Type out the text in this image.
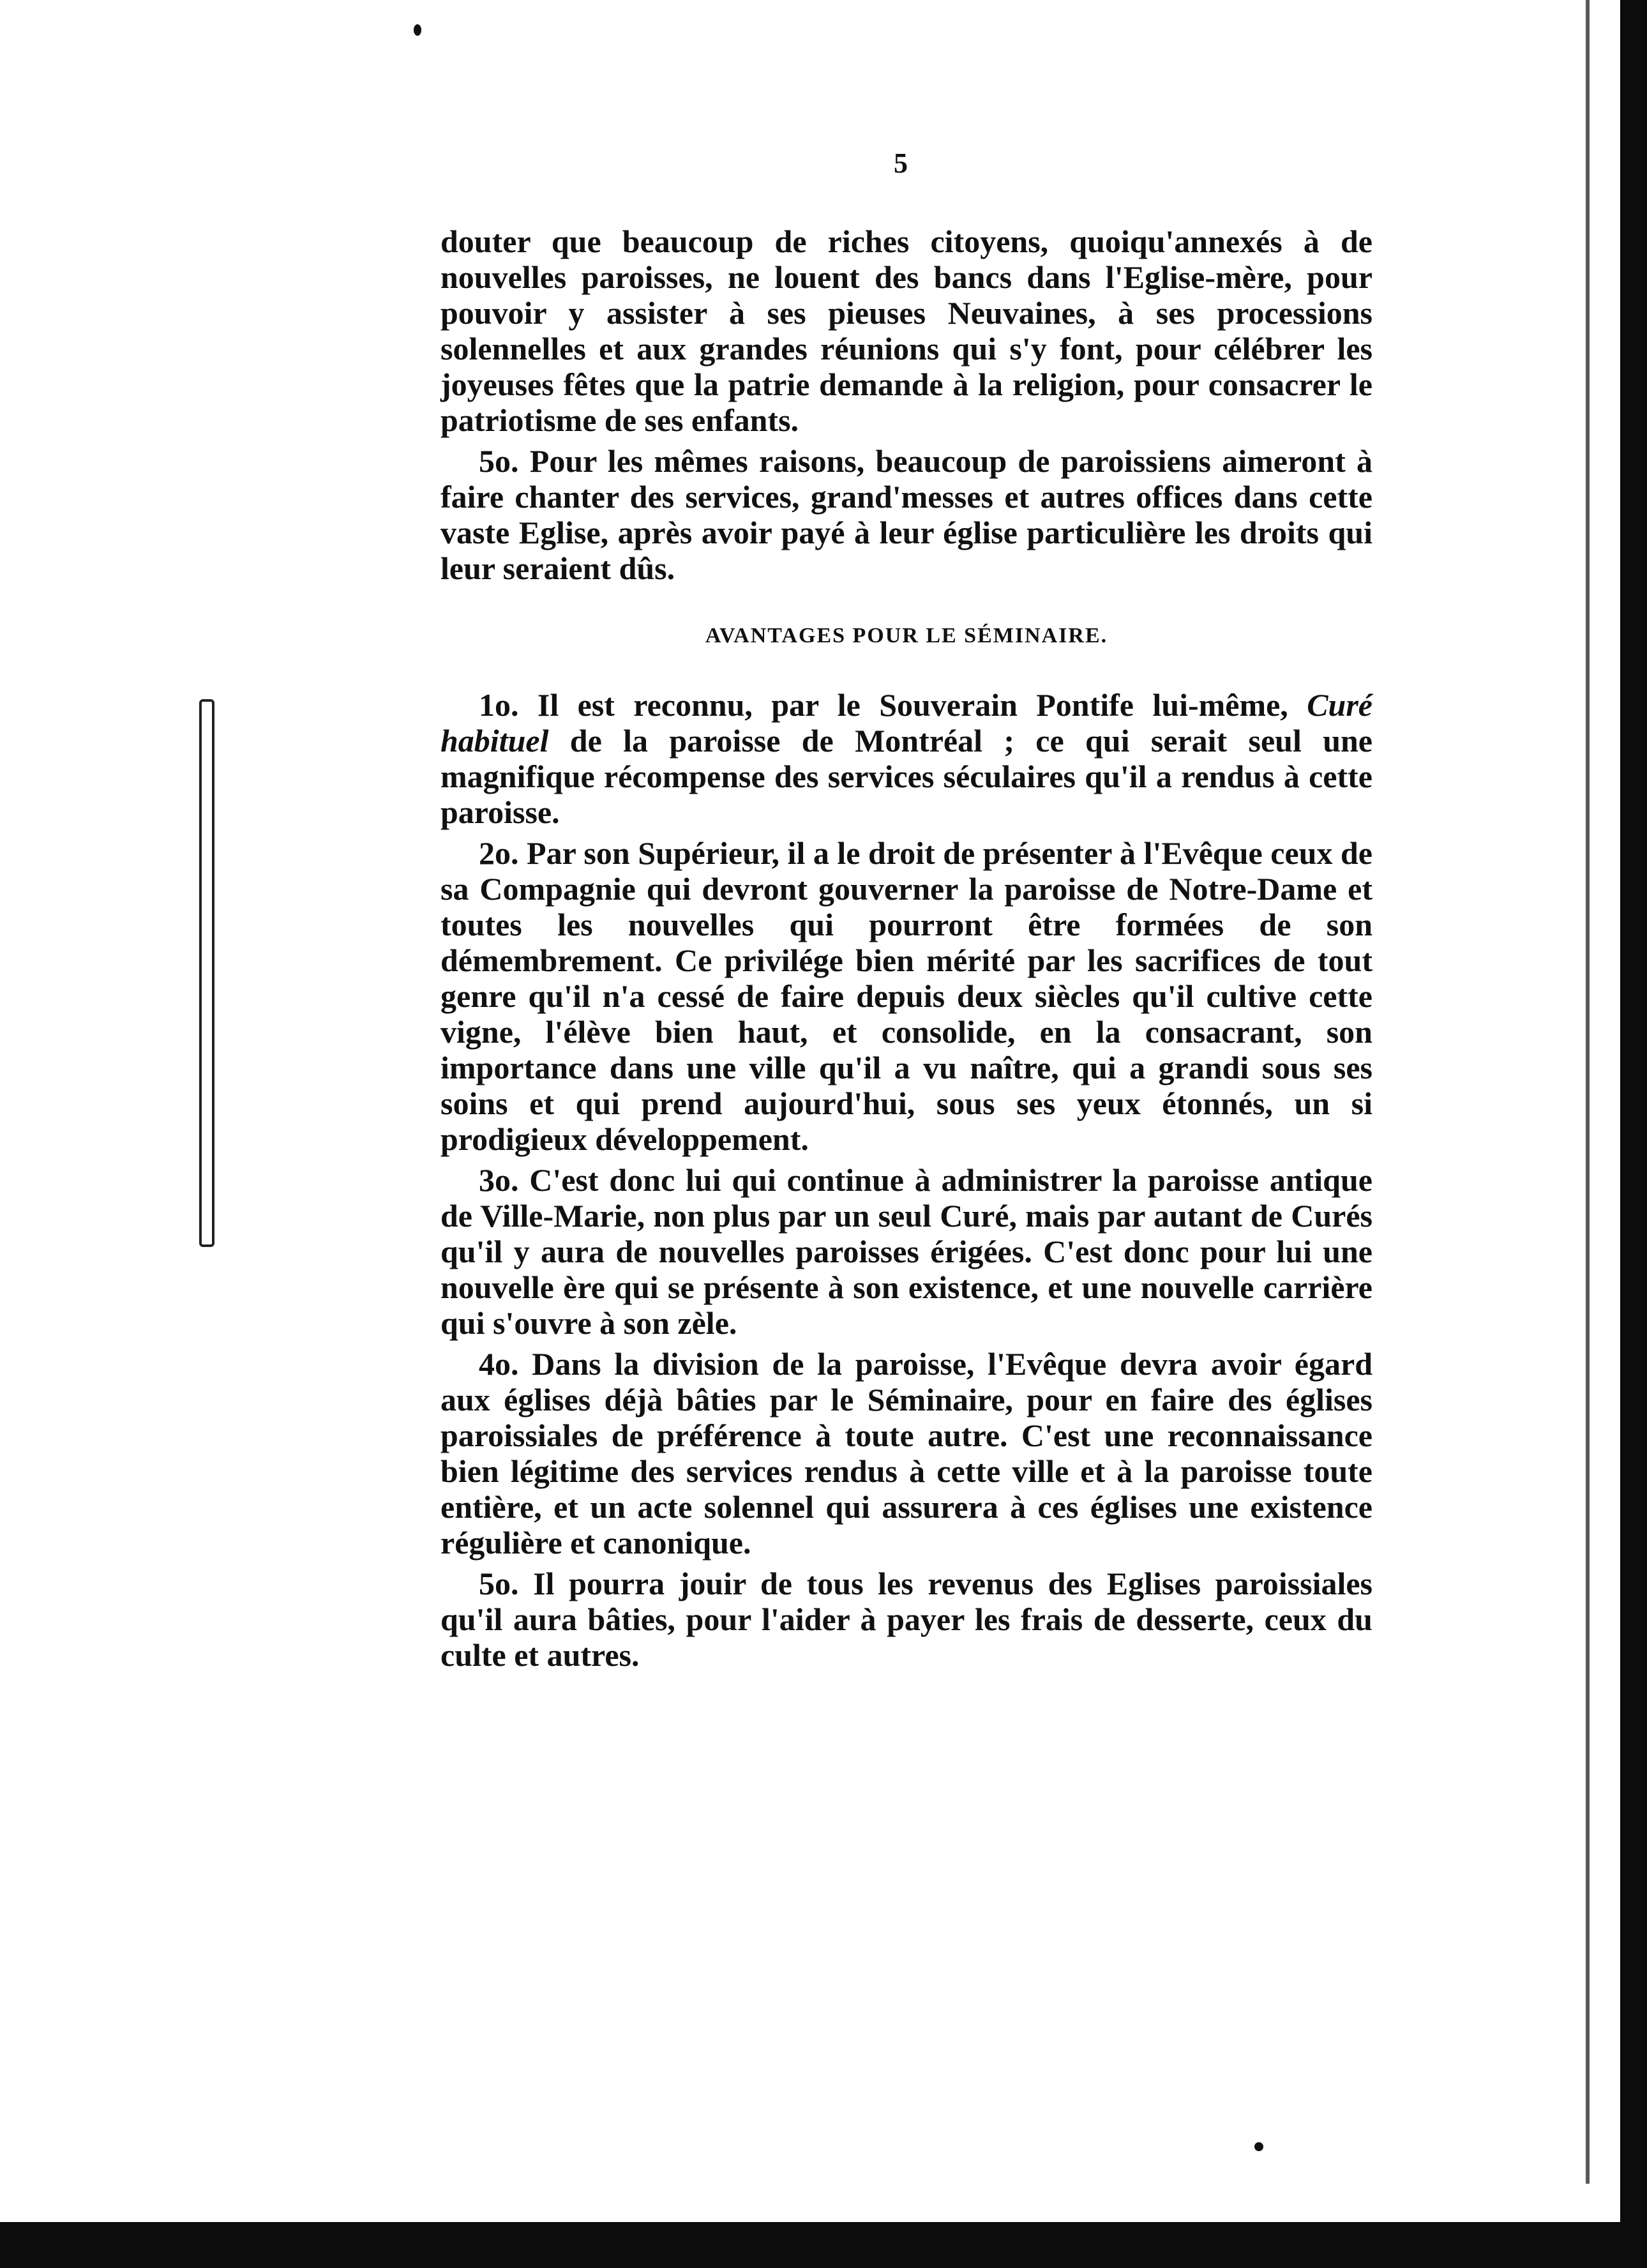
5

douter que beaucoup de riches citoyens, quoiqu'annexés à de nouvelles paroisses, ne louent des bancs dans l'Eglise-mère, pour pouvoir y assister à ses pieuses Neuvaines, à ses processions solennelles et aux grandes réunions qui s'y font, pour célébrer les joyeuses fêtes que la patrie demande à la religion, pour consacrer le patriotisme de ses enfants.

5o. Pour les mêmes raisons, beaucoup de paroissiens aimeront à faire chanter des services, grand'messes et autres offices dans cette vaste Eglise, après avoir payé à leur église particulière les droits qui leur seraient dûs.

AVANTAGES POUR LE SÉMINAIRE.

1o. Il est reconnu, par le Souverain Pontife lui-même, Curé habituel de la paroisse de Montréal ; ce qui serait seul une magnifique récompense des services séculaires qu'il a rendus à cette paroisse.

2o. Par son Supérieur, il a le droit de présenter à l'Evêque ceux de sa Compagnie qui devront gouverner la paroisse de Notre-Dame et toutes les nouvelles qui pourront être formées de son démembrement. Ce privilége bien mérité par les sacrifices de tout genre qu'il n'a cessé de faire depuis deux siècles qu'il cultive cette vigne, l'élève bien haut, et consolide, en la consacrant, son importance dans une ville qu'il a vu naître, qui a grandi sous ses soins et qui prend aujourd'hui, sous ses yeux étonnés, un si prodigieux développement.

3o. C'est donc lui qui continue à administrer la paroisse antique de Ville-Marie, non plus par un seul Curé, mais par autant de Curés qu'il y aura de nouvelles paroisses érigées. C'est donc pour lui une nouvelle ère qui se présente à son existence, et une nouvelle carrière qui s'ouvre à son zèle.

4o. Dans la division de la paroisse, l'Evêque devra avoir égard aux églises déjà bâties par le Séminaire, pour en faire des églises paroissiales de préférence à toute autre. C'est une reconnaissance bien légitime des services rendus à cette ville et à la paroisse toute entière, et un acte solennel qui assurera à ces églises une existence régulière et canonique.

5o. Il pourra jouir de tous les revenus des Eglises paroissiales qu'il aura bâties, pour l'aider à payer les frais de desserte, ceux du culte et autres.
